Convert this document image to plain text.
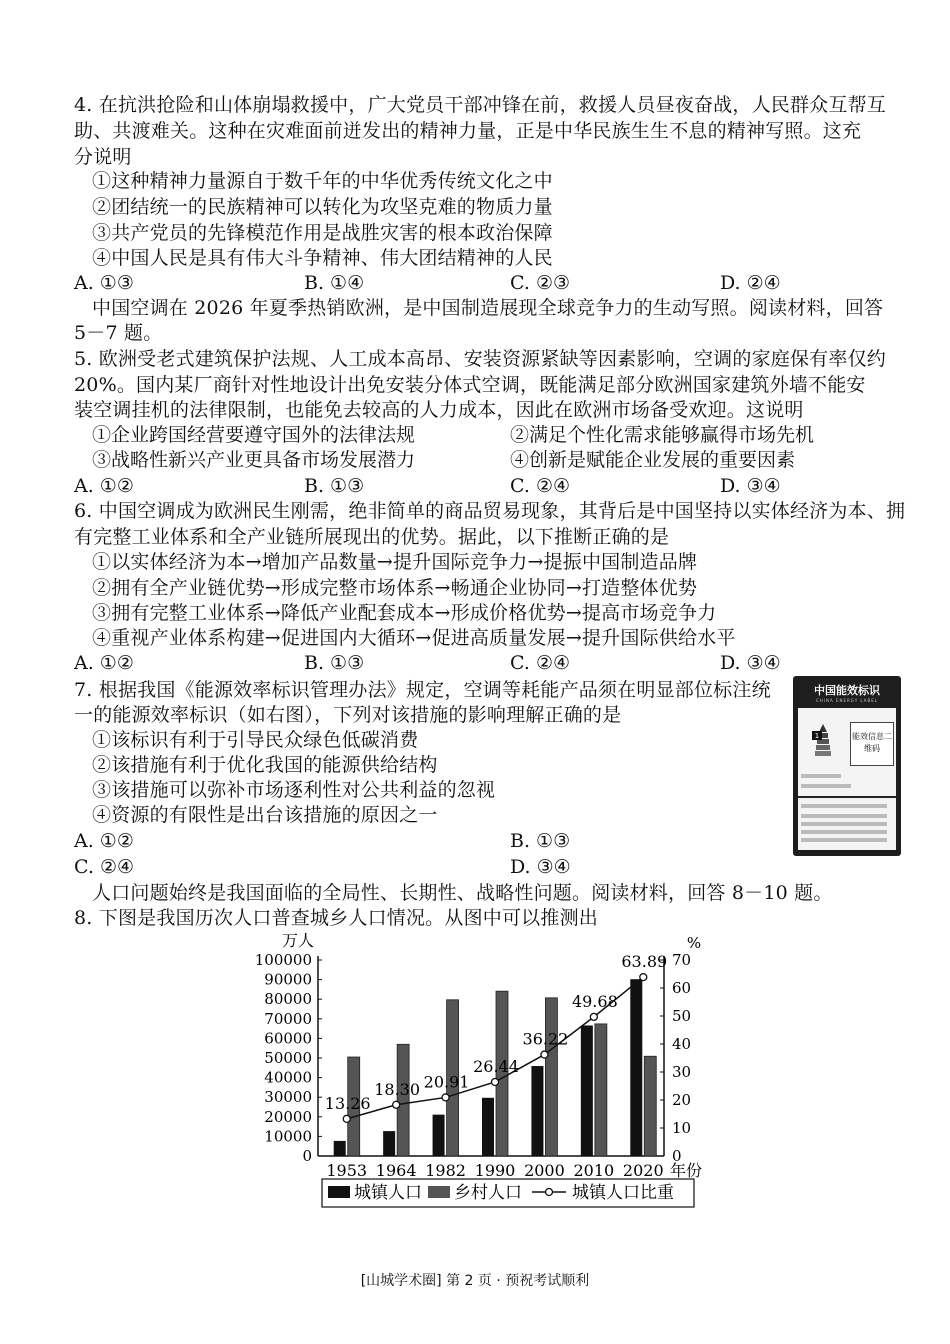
4. 在抗洪抢险和山体崩塌救援中，广大党员干部冲锋在前，救援人员昼夜奋战，人民群众互帮互
助、共渡难关。这种在灾难面前迸发出的精神力量，正是中华民族生生不息的精神写照。这充
分说明
①这种精神力量源自于数千年的中华优秀传统文化之中
②团结统一的民族精神可以转化为攻坚克难的物质力量
③共产党员的先锋模范作用是战胜灾害的根本政治保障
④中国人民是具有伟大斗争精神、伟大团结精神的人民
A. ①③	B. ①④	C. ②③	D. ②④
中国空调在 2026 年夏季热销欧洲，是中国制造展现全球竞争力的生动写照。阅读材料，回答
5－7 题。
5. 欧洲受老式建筑保护法规、人工成本高昂、安装资源紧缺等因素影响，空调的家庭保有率仅约
20%。国内某厂商针对性地设计出免安装分体式空调，既能满足部分欧洲国家建筑外墙不能安
装空调挂机的法律限制，也能免去较高的人力成本，因此在欧洲市场备受欢迎。这说明
①企业跨国经营要遵守国外的法律法规	②满足个性化需求能够赢得市场先机
③战略性新兴产业更具备市场发展潜力	④创新是赋能企业发展的重要因素
A. ①②	B. ①③	C. ②④	D. ③④
6. 中国空调成为欧洲民生刚需，绝非简单的商品贸易现象，其背后是中国坚持以实体经济为本、拥
有完整工业体系和全产业链所展现出的优势。据此，以下推断正确的是
①以实体经济为本→增加产品数量→提升国际竞争力→提振中国制造品牌
②拥有全产业链优势→形成完整市场体系→畅通企业协同→打造整体优势
③拥有完整工业体系→降低产业配套成本→形成价格优势→提高市场竞争力
④重视产业体系构建→促进国内大循环→促进高质量发展→提升国际供给水平
A. ①②	B. ①③	C. ②④	D. ③④
7. 根据我国《能源效率标识管理办法》规定，空调等耗能产品须在明显部位标注统
一的能源效率标识（如右图），下列对该措施的影响理解正确的是
①该标识有利于引导民众绿色低碳消费
②该措施有利于优化我国的能源供给结构
③该措施可以弥补市场逐利性对公共利益的忽视
④资源的有限性是出台该措施的原因之一
A. ①②	B. ①③
C. ②④	D. ③④
中国能效标识
CHINA ENERGY LABEL
1	能效信息二维码
人口问题始终是我国面临的全局性、长期性、战略性问题。阅读材料，回答 8－10 题。
8. 下图是我国历次人口普查城乡人口情况。从图中可以推测出
万人	%
0
10000
20000
30000
40000
50000
60000
70000
80000
90000
100000
0
10
20
30
40
50
60
70
1953 1964 1982 1990 2000 2010 2020 年份
13.26
18.30 20.91
26.44
36.22
49.68
63.89
城镇人口 乡村人口	城镇人口比重
[山城学术圈] 第 2 页 · 预祝考试顺利
